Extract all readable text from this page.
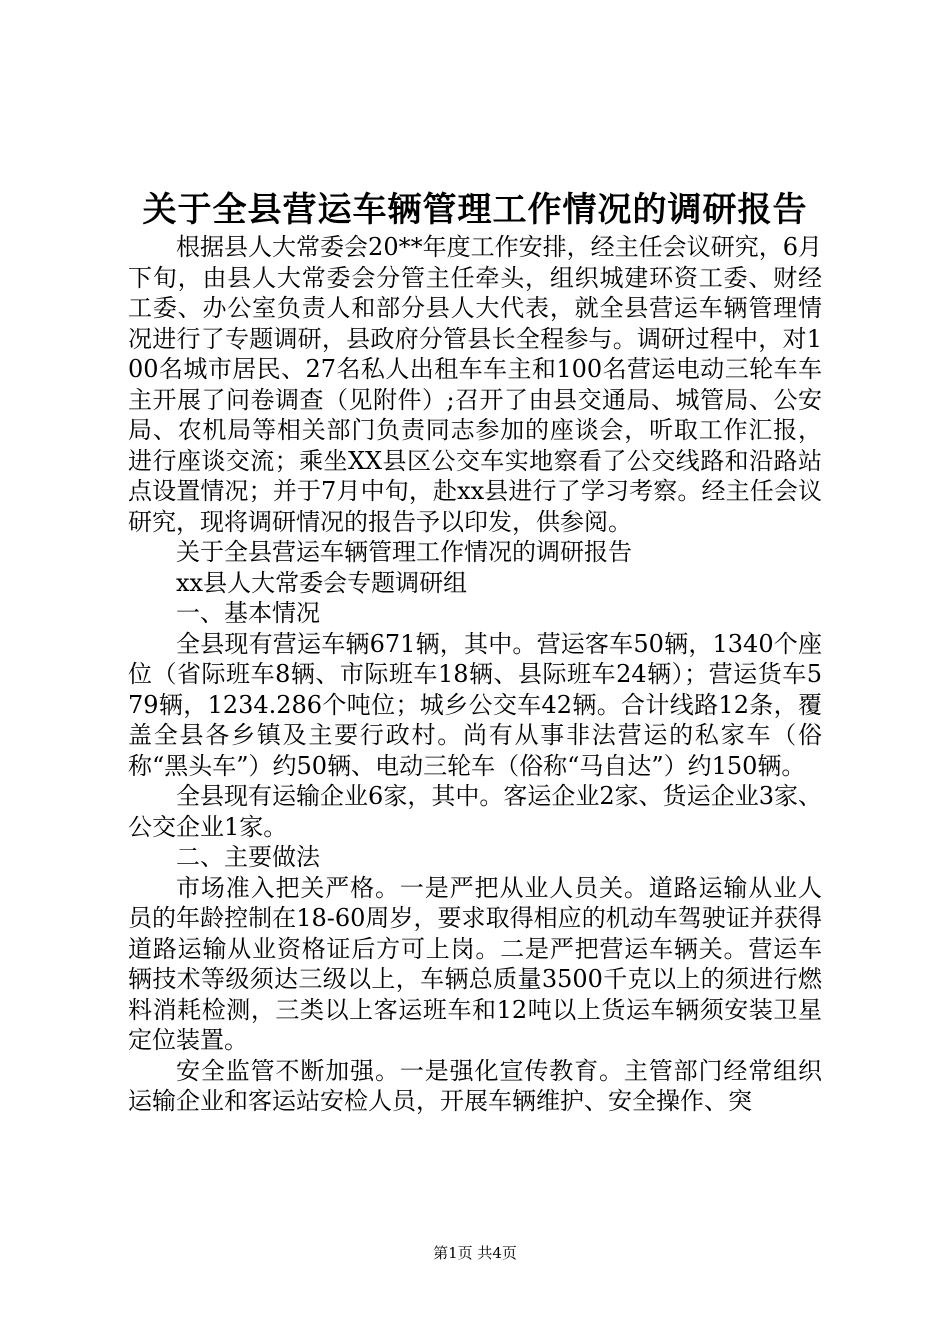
关于全县营运车辆管理工作情况的调研报告

根据县人大常委会20**年度工作安排，经主任会议研究，6月下旬，由县人大常委会分管主任牵头，组织城建环资工委、财经工委、办公室负责人和部分县人大代表，就全县营运车辆管理情况进行了专题调研，县政府分管县长全程参与。调研过程中，对100名城市居民、27名私人出租车车主和100名营运电动三轮车车主开展了问卷调查（见附件）;召开了由县交通局、城管局、公安局、农机局等相关部门负责同志参加的座谈会，听取工作汇报，进行座谈交流；乘坐XX县区公交车实地察看了公交线路和沿路站点设置情况；并于7月中旬，赴xx县进行了学习考察。经主任会议研究，现将调研情况的报告予以印发，供参阅。

关于全县营运车辆管理工作情况的调研报告

xx县人大常委会专题调研组

一、基本情况

全县现有营运车辆671辆，其中。营运客车50辆，1340个座位（省际班车8辆、市际班车18辆、县际班车24辆）；营运货车579辆，1234.286个吨位；城乡公交车42辆。合计线路12条，覆盖全县各乡镇及主要行政村。尚有从事非法营运的私家车（俗称“黑头车”）约50辆、电动三轮车（俗称“马自达”）约150辆。

全县现有运输企业6家，其中。客运企业2家、货运企业3家、公交企业1家。

二、主要做法

市场准入把关严格。一是严把从业人员关。道路运输从业人员的年龄控制在18-60周岁，要求取得相应的机动车驾驶证并获得道路运输从业资格证后方可上岗。二是严把营运车辆关。营运车辆技术等级须达三级以上，车辆总质量3500千克以上的须进行燃料消耗检测，三类以上客运班车和12吨以上货运车辆须安装卫星定位装置。

安全监管不断加强。一是强化宣传教育。主管部门经常组织运输企业和客运站安检人员，开展车辆维护、安全操作、突

第1页 共4页
